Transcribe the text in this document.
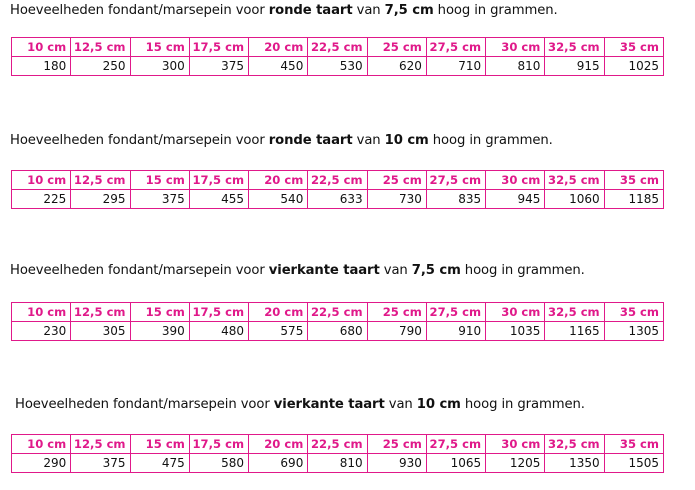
Hoeveelheden fondant/marsepein voor ronde taart van 7,5 cm hoog in grammen.
10 cm	12,5 cm	15 cm	17,5 cm	20 cm	22,5 cm	25 cm	27,5 cm	30 cm	32,5 cm	35 cm
180	250	300	375	450	530	620	710	810	915	1025
Hoeveelheden fondant/marsepein voor ronde taart van 10 cm hoog in grammen.
10 cm	12,5 cm	15 cm	17,5 cm	20 cm	22,5 cm	25 cm	27,5 cm	30 cm	32,5 cm	35 cm
225	295	375	455	540	633	730	835	945	1060	1185
Hoeveelheden fondant/marsepein voor vierkante taart van 7,5 cm hoog in grammen.
10 cm	12,5 cm	15 cm	17,5 cm	20 cm	22,5 cm	25 cm	27,5 cm	30 cm	32,5 cm	35 cm
230	305	390	480	575	680	790	910	1035	1165	1305
Hoeveelheden fondant/marsepein voor vierkante taart van 10 cm hoog in grammen.
10 cm	12,5 cm	15 cm	17,5 cm	20 cm	22,5 cm	25 cm	27,5 cm	30 cm	32,5 cm	35 cm
290	375	475	580	690	810	930	1065	1205	1350	1505
